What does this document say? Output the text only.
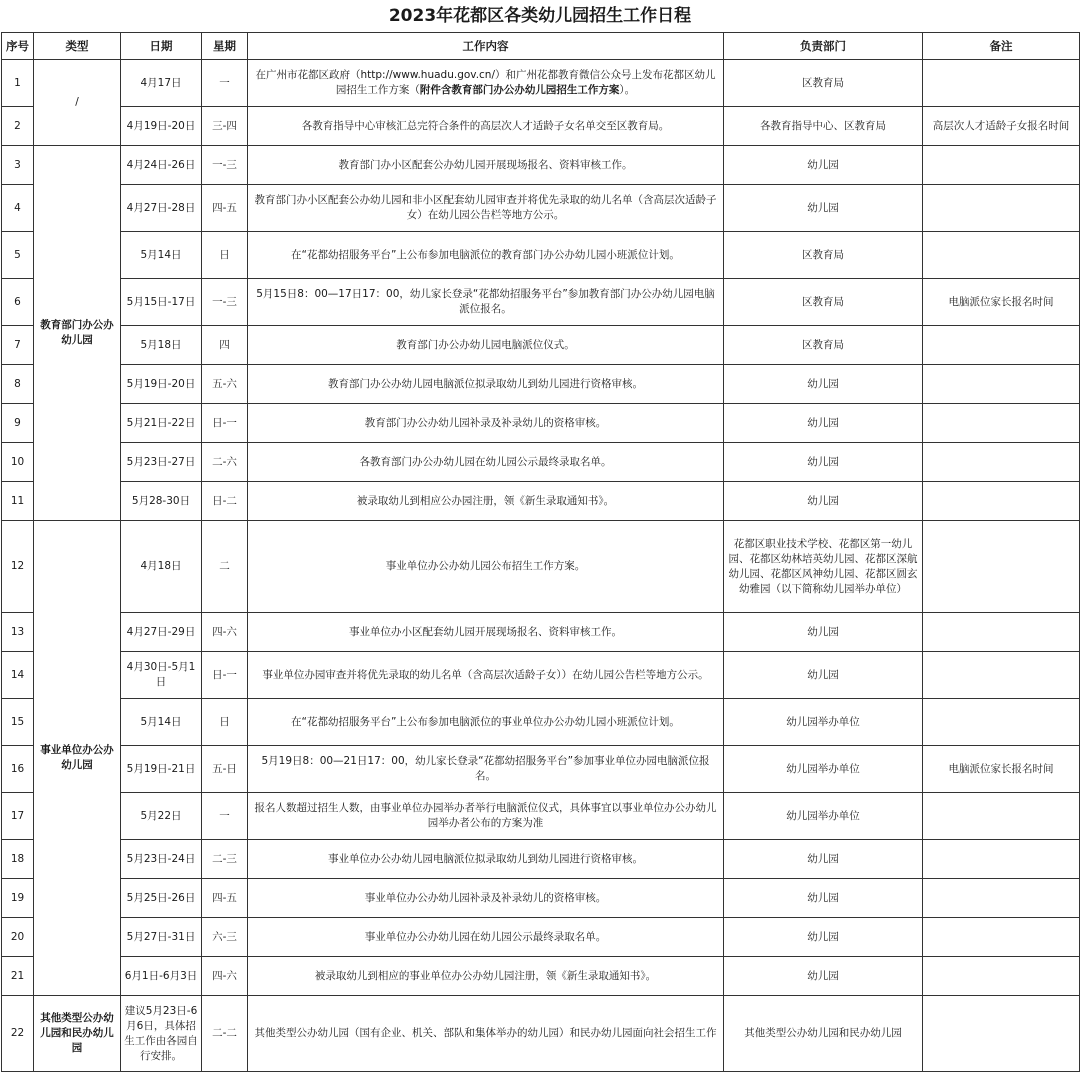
2023年花都区各类幼儿园招生工作日程
序号	类型	日期	星期	工作内容	负责部门	备注
1	/	4月17日	一	在广州市花都区政府（http://www.huadu.gov.cn/）和广州花都教育微信公众号上发布花都区幼儿园招生工作方案（附件含教育部门办公办幼儿园招生工作方案）。	区教育局	
2		4月19日-20日	三-四	各教育指导中心审核汇总完符合条件的高层次人才适龄子女名单交至区教育局。	各教育指导中心、区教育局	高层次人才适龄子女报名时间
3	教育部门办公办幼儿园	4月24日-26日	一-三	教育部门办小区配套公办幼儿园开展现场报名、资料审核工作。	幼儿园	
4		4月27日-28日	四-五	教育部门办小区配套公办幼儿园和非小区配套幼儿园审查并将优先录取的幼儿名单（含高层次适龄子女）在幼儿园公告栏等地方公示。	幼儿园	
5		5月14日	日	在“花都幼招服务平台”上公布参加电脑派位的教育部门办公办幼儿园小班派位计划。	区教育局	
6		5月15日-17日	一-三	5月15日8：00—17日17：00，幼儿家长登录“花都幼招服务平台”参加教育部门办公办幼儿园电脑派位报名。	区教育局	电脑派位家长报名时间
7		5月18日	四	教育部门办公办幼儿园电脑派位仪式。	区教育局	
8		5月19日-20日	五-六	教育部门办公办幼儿园电脑派位拟录取幼儿到幼儿园进行资格审核。	幼儿园	
9		5月21日-22日	日-一	教育部门办公办幼儿园补录及补录幼儿的资格审核。	幼儿园	
10		5月23日-27日	二-六	各教育部门办公办幼儿园在幼儿园公示最终录取名单。	幼儿园	
11		5月28-30日	日-二	被录取幼儿到相应公办园注册，领《新生录取通知书》。	幼儿园	
12	事业单位办公办幼儿园	4月18日	二	事业单位办公办幼儿园公布招生工作方案。	花都区职业技术学校、花都区第一幼儿园、花都区幼林培英幼儿园、花都区深航幼儿园、花都区风神幼儿园、花都区圆玄幼雅园（以下简称幼儿园举办单位）	
13		4月27日-29日	四-六	事业单位办小区配套幼儿园开展现场报名、资料审核工作。	幼儿园	
14		4月30日-5月1日	日-一	事业单位办园审查并将优先录取的幼儿名单（含高层次适龄子女））在幼儿园公告栏等地方公示。	幼儿园	
15		5月14日	日	在“花都幼招服务平台”上公布参加电脑派位的事业单位办公办幼儿园小班派位计划。	幼儿园举办单位	
16		5月19日-21日	五-日	5月19日8：00—21日17：00，幼儿家长登录“花都幼招服务平台”参加事业单位办园电脑派位报名。	幼儿园举办单位	电脑派位家长报名时间
17		5月22日	一	报名人数超过招生人数，由事业单位办园举办者举行电脑派位仪式，具体事宜以事业单位办公办幼儿园举办者公布的方案为准	幼儿园举办单位	
18		5月23日-24日	二-三	事业单位办公办幼儿园电脑派位拟录取幼儿到幼儿园进行资格审核。	幼儿园	
19		5月25日-26日	四-五	事业单位办公办幼儿园补录及补录幼儿的资格审核。	幼儿园	
20		5月27日-31日	六-三	事业单位办公办幼儿园在幼儿园公示最终录取名单。	幼儿园	
21		6月1日-6月3日	四-六	被录取幼儿到相应的事业单位办公办幼儿园注册，领《新生录取通知书》。	幼儿园	
22	其他类型公办幼儿园和民办幼儿园	建议5月23日-6月6日，具体招生工作由各园自行安排。	二-二	其他类型公办幼儿园（国有企业、机关、部队和集体举办的幼儿园）和民办幼儿园面向社会招生工作	其他类型公办幼儿园和民办幼儿园	
